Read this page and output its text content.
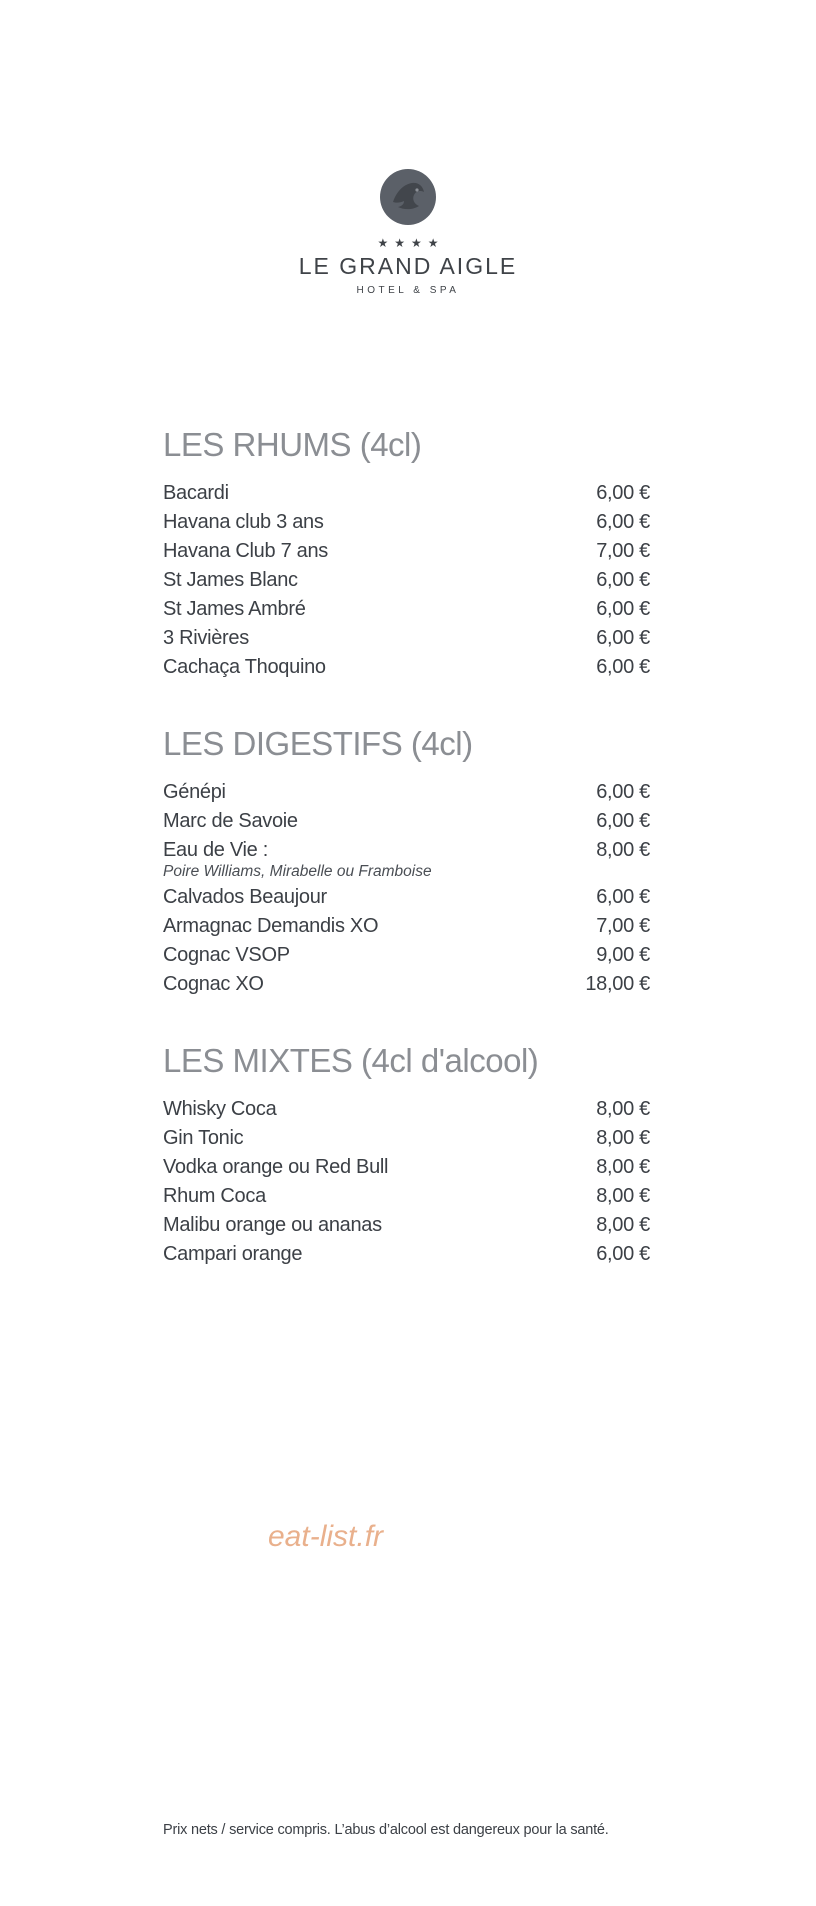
★★★★
LE GRAND AIGLE
HOTEL & SPA
LES RHUMS (4cl)
Bacardi	6,00 €
Havana club 3 ans	6,00 €
Havana Club 7 ans	7,00 €
St James Blanc	6,00 €
St James Ambré	6,00 €
3 Rivières	6,00 €
Cachaça Thoquino	6,00 €
LES DIGESTIFS (4cl)
Génépi	6,00 €
Marc de Savoie	6,00 €
Eau de Vie :	8,00 €
Poire Williams, Mirabelle ou Framboise
Calvados Beaujour	6,00 €
Armagnac Demandis XO	7,00 €
Cognac VSOP	9,00 €
Cognac XO	18,00 €
LES MIXTES (4cl d'alcool)
Whisky Coca	8,00 €
Gin Tonic	8,00 €
Vodka orange ou Red Bull	8,00 €
Rhum Coca	8,00 €
Malibu orange ou ananas	8,00 €
Campari orange	6,00 €
eat-list.fr
Prix nets / service compris. L’abus d’alcool est dangereux pour la santé.
